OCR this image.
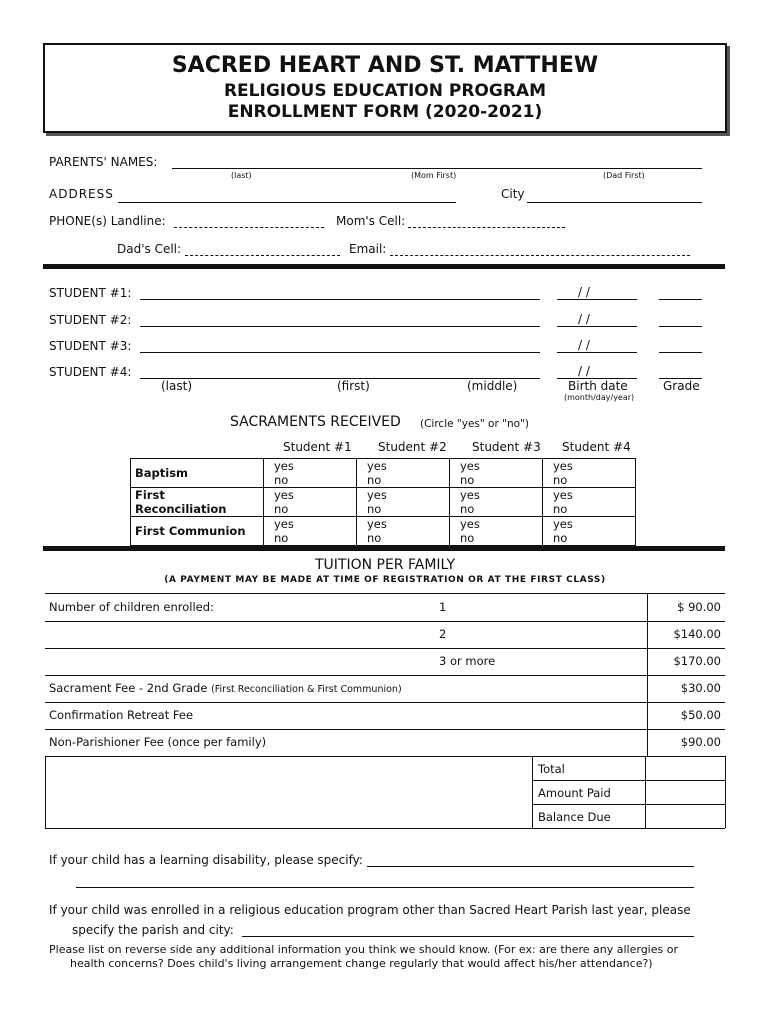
SACRED HEART AND ST. MATTHEW
RELIGIOUS EDUCATION PROGRAM
ENROLLMENT FORM (2020-2021)
PARENTS' NAMES:
(last)	(Mom First)	(Dad First)
ADDRESS	City
PHONE(s) Landline:	Mom's Cell:
Dad's Cell:	Email:
STUDENT #1:	/ /
STUDENT #2:	/ /
STUDENT #3:	/ /
STUDENT #4:	/ /
(last)	(first)	(middle)	Birth date	Grade
(month/day/year)
SACRAMENTS RECEIVED (Circle "yes" or "no")
Student #1 Student #2 Student #3 Student #4
Baptism	yesno	yesno	yesno	yesno
First Reconciliation	yesno	yesno	yesno	yesno
First Communion	yesno	yesno	yesno	yesno
TUITION PER FAMILY
(A PAYMENT MAY BE MADE AT TIME OF REGISTRATION OR AT THE FIRST CLASS)
Number of children enrolled:	1	$ 90.00
2	$140.00
3 or more	$170.00
Sacrament Fee - 2nd Grade (First Reconciliation & First Communion)	$30.00
Confirmation Retreat Fee	$50.00
Non-Parishioner Fee (once per family)	$90.00
Total
Amount Paid
Balance Due
If your child has a learning disability, please specify:
If your child was enrolled in a religious education program other than Sacred Heart Parish last year, please
specify the parish and city:
Please list on reverse side any additional information you think we should know. (For ex: are there any allergies or
health concerns? Does child's living arrangement change regularly that would affect his/her attendance?)
